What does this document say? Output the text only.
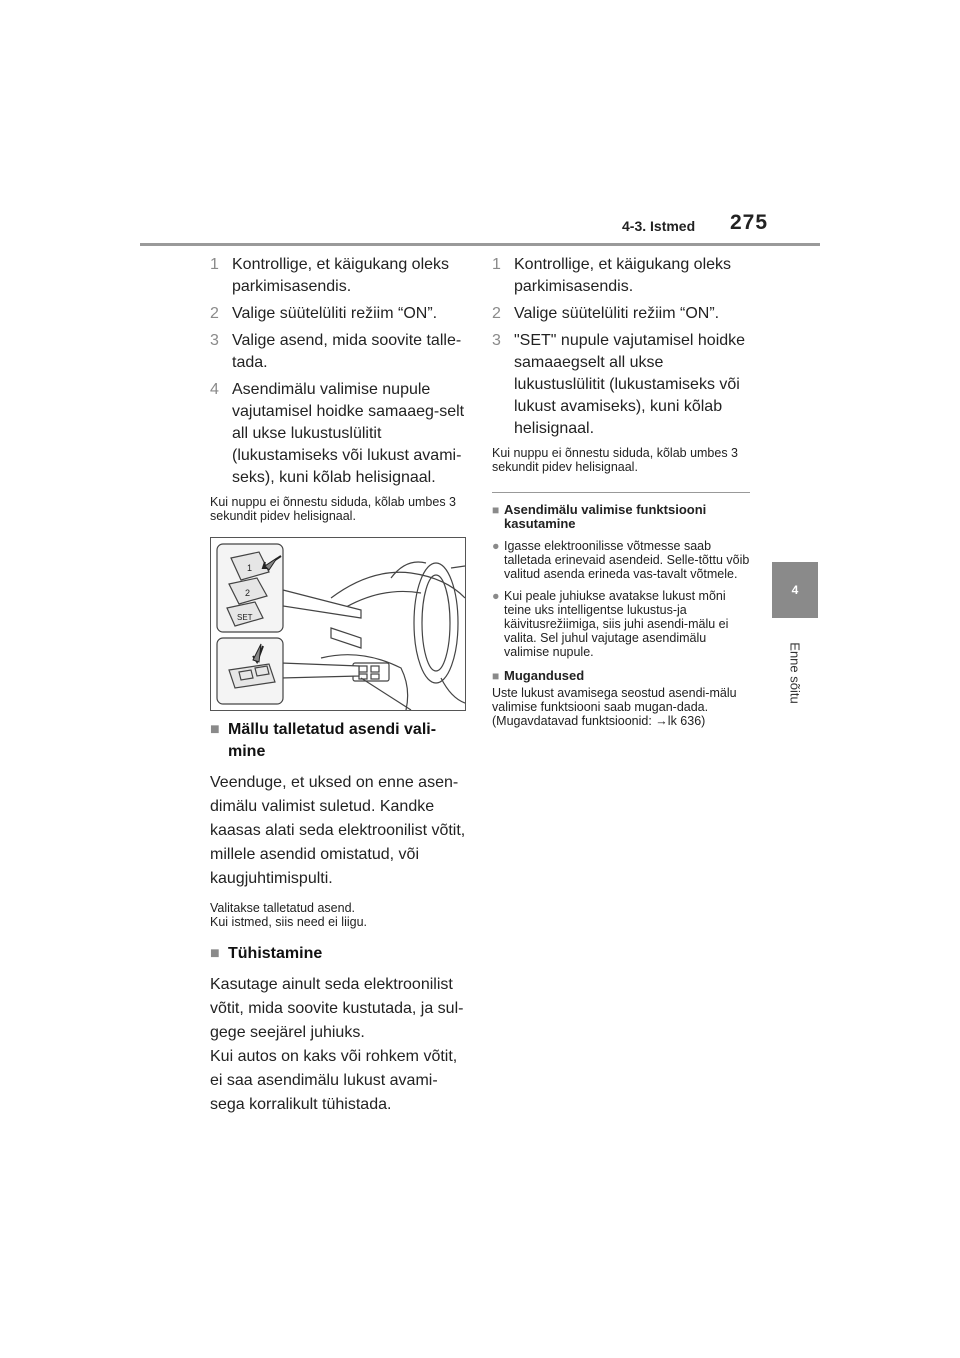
4-3. Istmed 275
4
Enne sõitu
1 Kontrollige, et käigukang oleks parkimisasendis.
2 Valige süütelüliti režiim “ON”.
3 Valige asend, mida soovite talle-tada.
4 Asendimälu valimise nupule vajutamisel hoidke samaaeg-selt all ukse lukustuslülitit (lukustamiseks või lukust avami-seks), kuni kõlab helisignaal.
Kui nuppu ei õnnestu siduda, kõlab umbes 3 sekundit pidev helisignaal.
1
2
SET
■ Mällu talletatud asendi vali-mine
Veenduge, et uksed on enne asen-dimälu valimist suletud. Kandke kaasas alati seda elektroonilist võtit, millele asendid omistatud, või kaugjuhtimispulti.
Valitakse talletatud asend.
Kui istmed, siis need ei liigu.
■ Tühistamine
Kasutage ainult seda elektroonilist võtit, mida soovite kustutada, ja sul-gege seejärel juhiuks.
Kui autos on kaks või rohkem võtit, ei saa asendimälu lukust avami-sega korralikult tühistada.
1 Kontrollige, et käigukang oleks parkimisasendis.
2 Valige süütelüliti režiim “ON”.
3 "SET" nupule vajutamisel hoidke samaaegselt all ukse lukustuslülitit (lukustamiseks või lukust avamiseks), kuni kõlab helisignaal.
Kui nuppu ei õnnestu siduda, kõlab umbes 3 sekundit pidev helisignaal.
■ Asendimälu valimise funktsiooni kasutamine
● Igasse elektroonilisse võtmesse saab talletada erinevaid asendeid. Selle-tõttu võib valitud asenda erineda vas-tavalt võtmele.
● Kui peale juhiukse avatakse lukust mõni teine uks intelligentse lukustus-ja käivitusrežiimiga, siis juhi asendi-mälu ei valita. Sel juhul vajutage asendimälu valimise nupule.
■ Mugandused
Uste lukust avamisega seostud asendi-mälu valimise funktsiooni saab mugan-dada. (Mugavdatavad funktsioonid: →lk 636)
